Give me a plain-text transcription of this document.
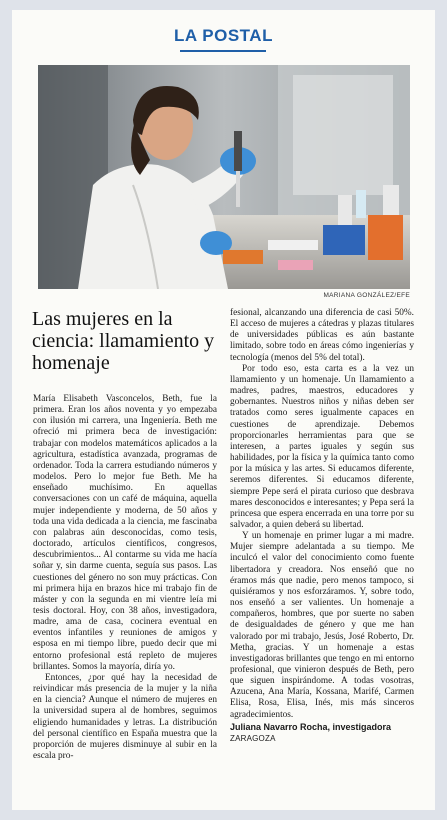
LA POSTAL
MARIANA GONZÁLEZ/EFE
Las mujeres en la ciencia: llamamiento y homenaje

María Elisabeth Vasconcelos, Beth, fue la primera. Eran los años noventa y yo empezaba con ilusión mi carrera, una Ingeniería. Beth me ofreció mi primera beca de investigación: trabajar con modelos matemáticos aplicados a la agricultura, estadística avanzada, programas de ordenador. Toda la carrera estudiando números y modelos. Pero lo mejor fue Beth. Me ha enseñado muchísimo. En aquellas conversaciones con un café de máquina, aquella mujer independiente y moderna, de 50 años y toda una vida dedicada a la ciencia, me fascinaba con palabras aún desconocidas, como tesis, doctorado, artículos científicos, congresos, descubrimientos... Al contarme su vida me hacía soñar y, sin darme cuenta, seguía sus pasos. Las cuestiones del género no son muy prácticas. Con mi primera hija en brazos hice mi trabajo fin de máster y con la segunda en mi vientre leía mi tesis doctoral. Hoy, con 38 años, investigadora, madre, ama de casa, cocinera eventual en eventos infantiles y reuniones de amigos y esposa en mi tiempo libre, puedo decir que mi entorno profesional está repleto de mujeres brillantes. Somos la mayoría, diría yo.

Entonces, ¿por qué hay la necesidad de reivindicar más presencia de la mujer y la niña en la ciencia? Aunque el número de mujeres en la universidad supera al de hombres, seguimos eligiendo humanidades y letras. La distribución del personal científico en España muestra que la proporción de mujeres disminuye al subir en la escala pro-

fesional, alcanzando una diferencia de casi 50%. El acceso de mujeres a cátedras y plazas titulares de universidades públicas es aún bastante limitado, sobre todo en áreas cómo ingenierías y tecnología (menos del 5% del total).

Por todo eso, esta carta es a la vez un llamamiento y un homenaje. Un llamamiento a madres, padres, maestros, educadores y gobernantes. Nuestros niños y niñas deben ser tratados como seres igualmente capaces en cuestiones de aprendizaje. Debemos proporcionarles herramientas para que se interesen, a partes iguales y según sus habilidades, por la física y la química tanto como por la música y las artes. Si educamos diferente, seremos diferentes. Si educamos diferente, siempre Pepe será el pirata curioso que desbrava mares desconocidos e interesantes; y Pepa será la princesa que espera encerrada en una torre por su salvador, a quien deberá su libertad.

Y un homenaje en primer lugar a mi madre. Mujer siempre adelantada a su tiempo. Me inculcó el valor del conocimiento como fuente libertadora y creadora. Nos enseñó que no éramos más que nadie, pero menos tampoco, si quisiéramos y nos esforzáramos. Y, sobre todo, nos enseñó a ser valientes. Un homenaje a compañeros, hombres, que por suerte no saben de desigualdades de género y que me han valorado por mi trabajo, Jesús, José Roberto, Dr. Metha, gracias. Y un homenaje a estas investigadoras brillantes que tengo en mi entorno profesional, que vinieron después de Beth, pero que siguen inspirándome. A todas vosotras, Azucena, Ana María, Kossana, Marifé, Carmen Elisa, Rosa, Elisa, Inés, mis más sinceros agradecimientos.

Juliana Navarro Rocha, investigadora

ZARAGOZA
